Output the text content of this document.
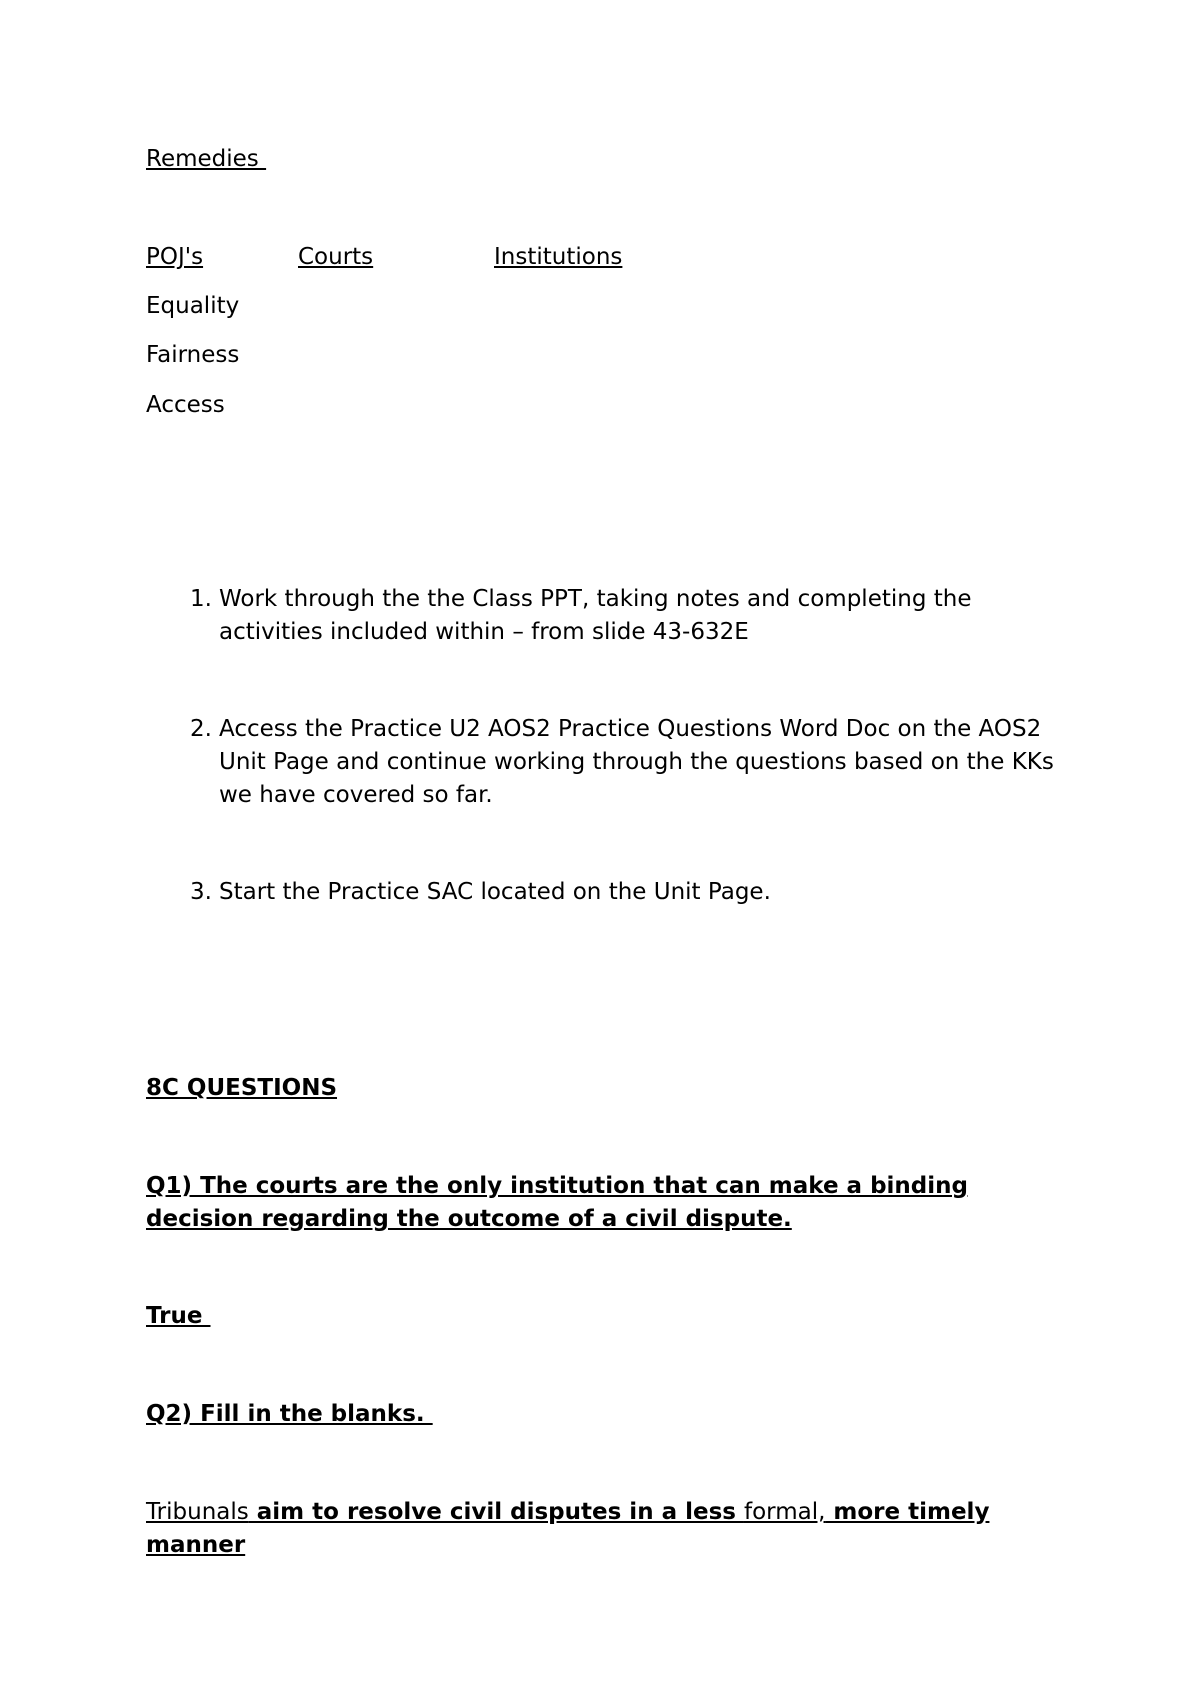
Remedies
POJ's	Courts	Institutions
Equality
Fairness
Access
1. Work through the the Class PPT, taking notes and completing the activities included within – from slide 43-632E
2. Access the Practice U2 AOS2 Practice Questions Word Doc on the AOS2 Unit Page and continue working through the questions based on the KKs we have covered so far.
3. Start the Practice SAC located on the Unit Page.
8C QUESTIONS
Q1) The courts are the only institution that can make a binding decision regarding the outcome of a civil dispute.
True
Q2) Fill in the blanks.
Tribunals aim to resolve civil disputes in a less formal, more timely manner
